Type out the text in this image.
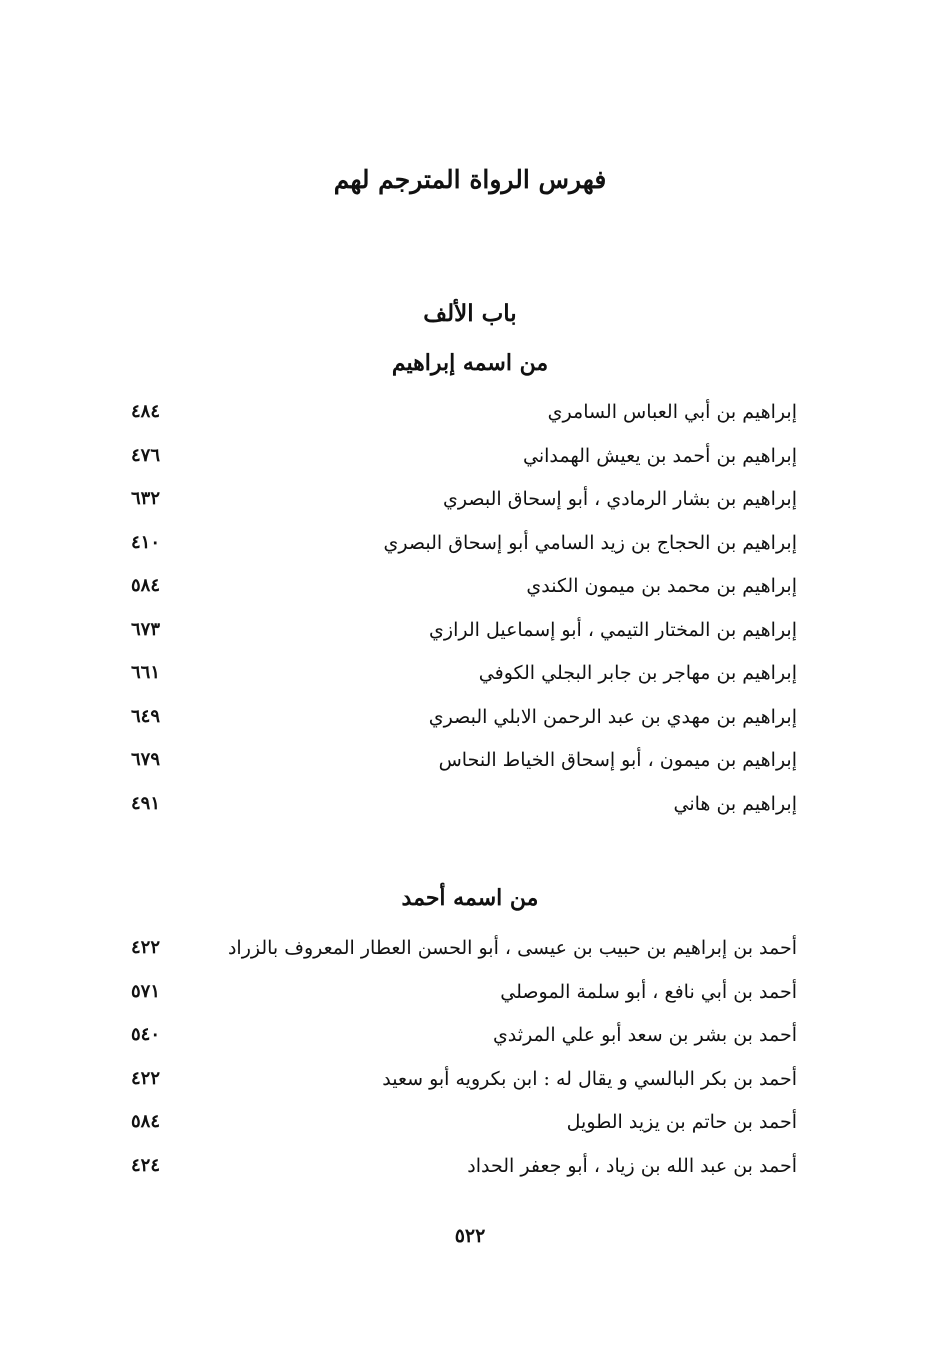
فهرس الرواة المترجم لهم
باب الألف
من اسمه إبراهيم
إبراهيم بن أبي العباس السامري
٤٨٤
إبراهيم بن أحمد بن يعيش الهمداني
٤٧٦
إبراهيم بن بشار الرمادي ، أبو إسحاق البصري
٦٣٢
إبراهيم بن الحجاج بن زيد السامي أبو إسحاق البصري
٤١٠
إبراهيم بن محمد بن ميمون الكندي
٥٨٤
إبراهيم بن المختار التيمي ، أبو إسماعيل الرازي
٦٧٣
إبراهيم بن مهاجر بن جابر البجلي الكوفي
٦٦١
إبراهيم بن مهدي بن عبد الرحمن الابلي البصري
٦٤٩
إبراهيم بن ميمون ، أبو إسحاق الخياط النحاس
٦٧٩
إبراهيم بن هاني
٤٩١
من اسمه أحمد
أحمد بن إبراهيم بن حبيب بن عيسى ، أبو الحسن العطار المعروف بالزراد
٤٢٢
أحمد بن أبي نافع ، أبو سلمة الموصلي
٥٧١
أحمد بن بشر بن سعد أبو علي المرثدي
٥٤٠
أحمد بن بكر البالسي و يقال له : ابن بكرويه أبو سعيد
٤٢٢
أحمد بن حاتم بن يزيد الطويل
٥٨٤
أحمد بن عبد الله بن زياد ، أبو جعفر الحداد
٤٢٤
٥٢٢
